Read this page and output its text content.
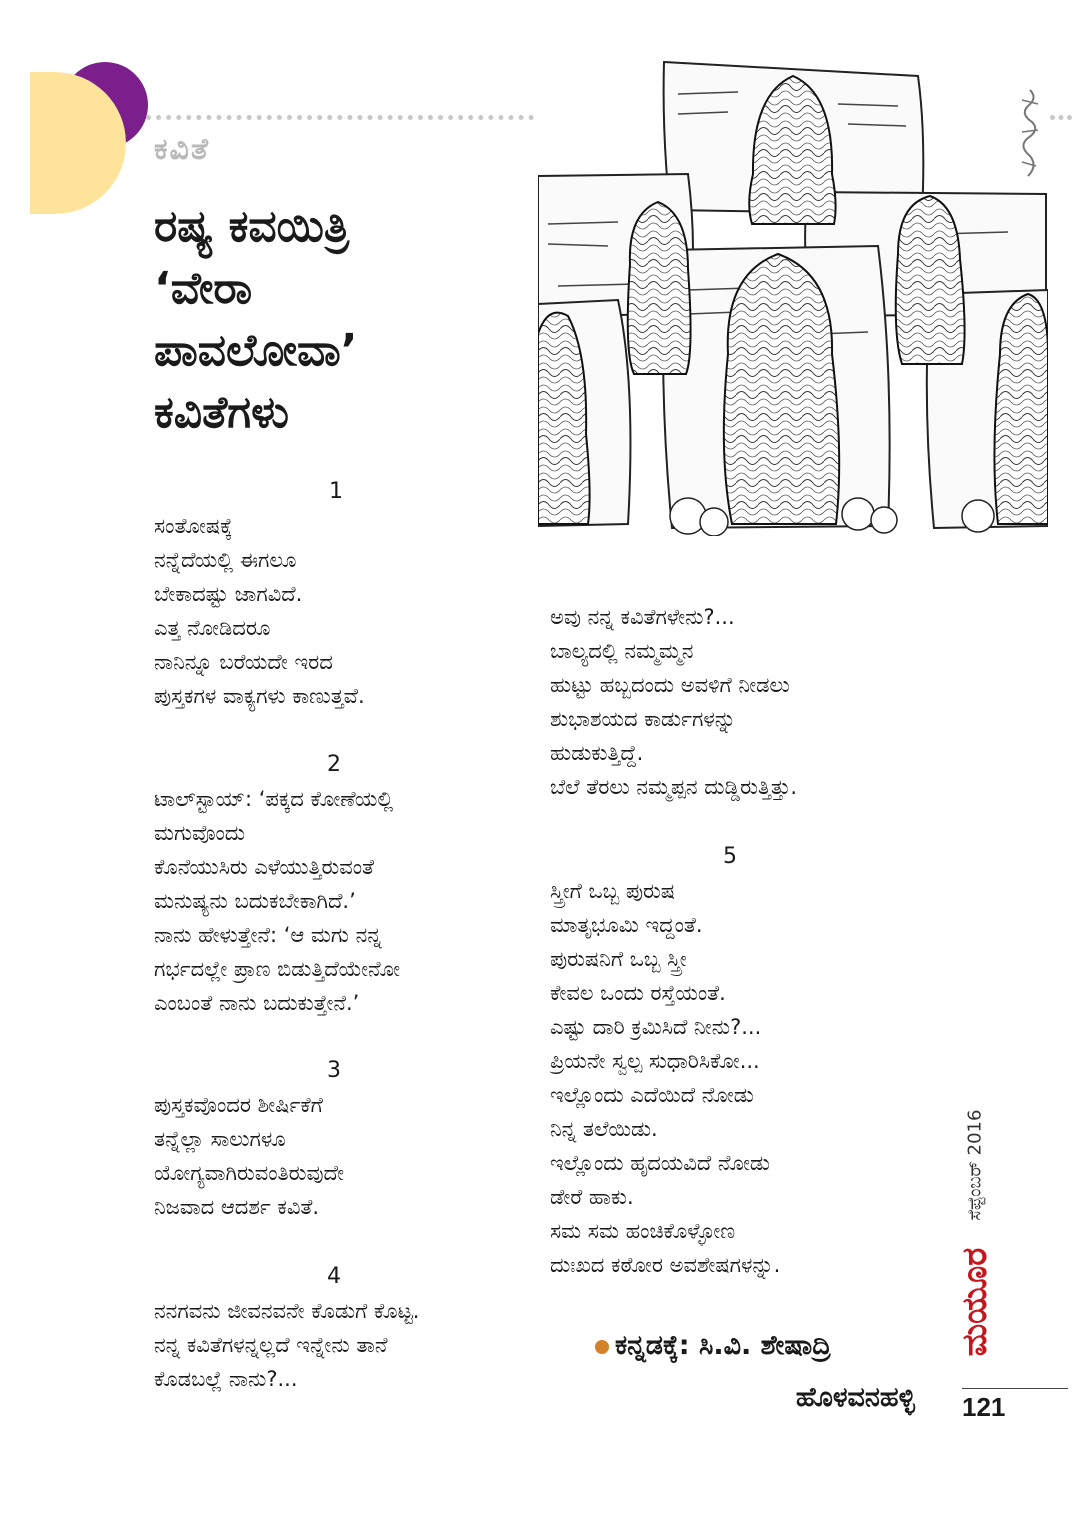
ಕವಿತೆ
ರಷ್ಯ ಕವಯಿತ್ರಿ
‘ವೇರಾ
ಪಾವಲೋವಾ’
ಕವಿತೆಗಳು
1
ಸಂತೋಷಕ್ಕೆ
ನನ್ನೆದೆಯಲ್ಲಿ ಈಗಲೂ
ಬೇಕಾದಷ್ಟು ಜಾಗವಿದೆ.
ಎತ್ತ ನೋಡಿದರೂ
ನಾನಿನ್ನೂ ಬರೆಯದೇ ಇರದ
ಪುಸ್ತಕಗಳ ವಾಕ್ಯಗಳು ಕಾಣುತ್ತವೆ.
2
ಟಾಲ್‌ಸ್ಟಾಯ್: ‘ಪಕ್ಕದ ಕೋಣೆಯಲ್ಲಿ
ಮಗುವೊಂದು
ಕೊನೆಯುಸಿರು ಎಳೆಯುತ್ತಿರುವಂತೆ
ಮನುಷ್ಯನು ಬದುಕಬೇಕಾಗಿದೆ.’
ನಾನು ಹೇಳುತ್ತೇನೆ: ‘ಆ ಮಗು ನನ್ನ
ಗರ್ಭದಲ್ಲೇ ಪ್ರಾಣ ಬಿಡುತ್ತಿದೆಯೇನೋ
ಎಂಬಂತೆ ನಾನು ಬದುಕುತ್ತೇನೆ.’
3
ಪುಸ್ತಕವೊಂದರ ಶೀರ್ಷಿಕೆಗೆ
ತನ್ನೆಲ್ಲಾ ಸಾಲುಗಳೂ
ಯೋಗ್ಯವಾಗಿರುವಂತಿರುವುದೇ
ನಿಜವಾದ ಆದರ್ಶ ಕವಿತೆ.
4
ನನಗವನು ಜೀವನವನೇ ಕೊಡುಗೆ ಕೊಟ್ಟ.
ನನ್ನ ಕವಿತೆಗಳನ್ನಲ್ಲದೆ ಇನ್ನೇನು ತಾನೆ
ಕೊಡಬಲ್ಲೆ ನಾನು?...
ಅವು ನನ್ನ ಕವಿತೆಗಳೇನು?...
ಬಾಲ್ಯದಲ್ಲಿ ನಮ್ಮಮ್ಮನ
ಹುಟ್ಟು ಹಬ್ಬದಂದು ಅವಳಿಗೆ ನೀಡಲು
ಶುಭಾಶಯದ ಕಾರ್ಡುಗಳನ್ನು
ಹುಡುಕುತ್ತಿದ್ದೆ.
ಬೆಲೆ ತೆರಲು ನಮ್ಮಪ್ಪನ ದುಡ್ಡಿರುತ್ತಿತ್ತು.
5
ಸ್ತ್ರೀಗೆ ಒಬ್ಬ ಪುರುಷ
ಮಾತೃಭೂಮಿ ಇದ್ದಂತೆ.
ಪುರುಷನಿಗೆ ಒಬ್ಬ ಸ್ತ್ರೀ
ಕೇವಲ ಒಂದು ರಸ್ತೆಯಂತೆ.
ಎಷ್ಟು ದಾರಿ ಕ್ರಮಿಸಿದೆ ನೀನು?...
ಪ್ರಿಯನೇ ಸ್ವಲ್ಪ ಸುಧಾರಿಸಿಕೋ...
ಇಲ್ಲೊಂದು ಎದೆಯಿದೆ ನೋಡು
ನಿನ್ನ ತಲೆಯಿಡು.
ಇಲ್ಲೊಂದು ಹೃದಯವಿದೆ ನೋಡು
ಡೇರೆ ಹಾಕು.
ಸಮ ಸಮ ಹಂಚಿಕೊಳ್ಳೋಣ
ದುಃಖದ ಕಠೋರ ಅವಶೇಷಗಳನ್ನು.
ಕನ್ನಡಕ್ಕೆ: ಸಿ.ವಿ. ಶೇಷಾದ್ರಿ
ಹೊಳವನಹಳ್ಳಿ
ಸೆಪ್ಟೆಂಬರ್ 2016
ಮಯೂರ
121
